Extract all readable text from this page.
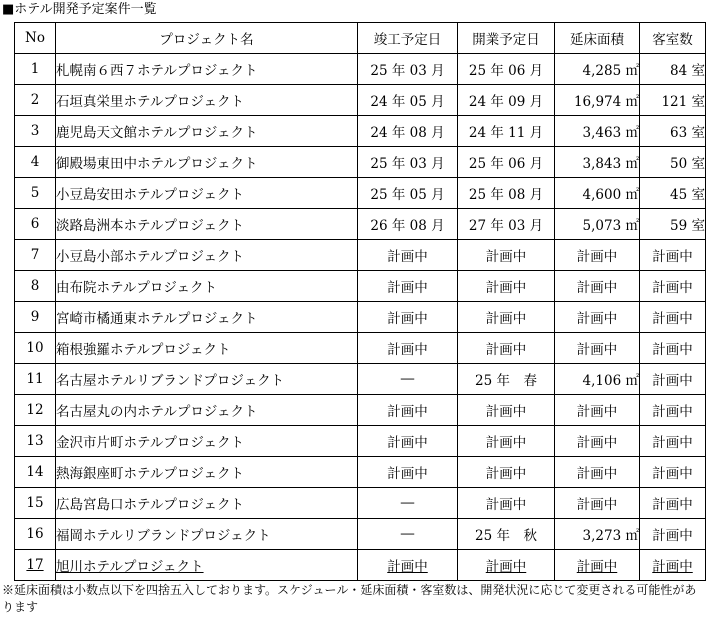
■ホテル開発予定案件一覧
No	プロジェクト名	竣工予定日	開業予定日	延床面積	客室数
1	札幌南６西７ホテルプロジェクト	25 年 03 月	25 年 06 月	4,285 ㎡	84 室
2	石垣真栄里ホテルプロジェクト	24 年 05 月	24 年 09 月	16,974 ㎡	121 室
3	鹿児島天文館ホテルプロジェクト	24 年 08 月	24 年 11 月	3,463 ㎡	63 室
4	御殿場東田中ホテルプロジェクト	25 年 03 月	25 年 06 月	3,843 ㎡	50 室
5	小豆島安田ホテルプロジェクト	25 年 05 月	25 年 08 月	4,600 ㎡	45 室
6	淡路島洲本ホテルプロジェクト	26 年 08 月	27 年 03 月	5,073 ㎡	59 室
7	小豆島小部ホテルプロジェクト	計画中	計画中	計画中	計画中
8	由布院ホテルプロジェクト	計画中	計画中	計画中	計画中
9	宮崎市橘通東ホテルプロジェクト	計画中	計画中	計画中	計画中
10	箱根強羅ホテルプロジェクト	計画中	計画中	計画中	計画中
11	名古屋ホテルリブランドプロジェクト	―	25 年　春	4,106 ㎡	計画中
12	名古屋丸の内ホテルプロジェクト	計画中	計画中	計画中	計画中
13	金沢市片町ホテルプロジェクト	計画中	計画中	計画中	計画中
14	熱海銀座町ホテルプロジェクト	計画中	計画中	計画中	計画中
15	広島宮島口ホテルプロジェクト	―	計画中	計画中	計画中
16	福岡ホテルリブランドプロジェクト	―	25 年　秋	3,273 ㎡	計画中
17	旭川ホテルプロジェクト	計画中	計画中	計画中	計画中
※延床面積は小数点以下を四捨五入しております。スケジュール・延床面積・客室数は、開発状況に応じて変更される可能性があります
